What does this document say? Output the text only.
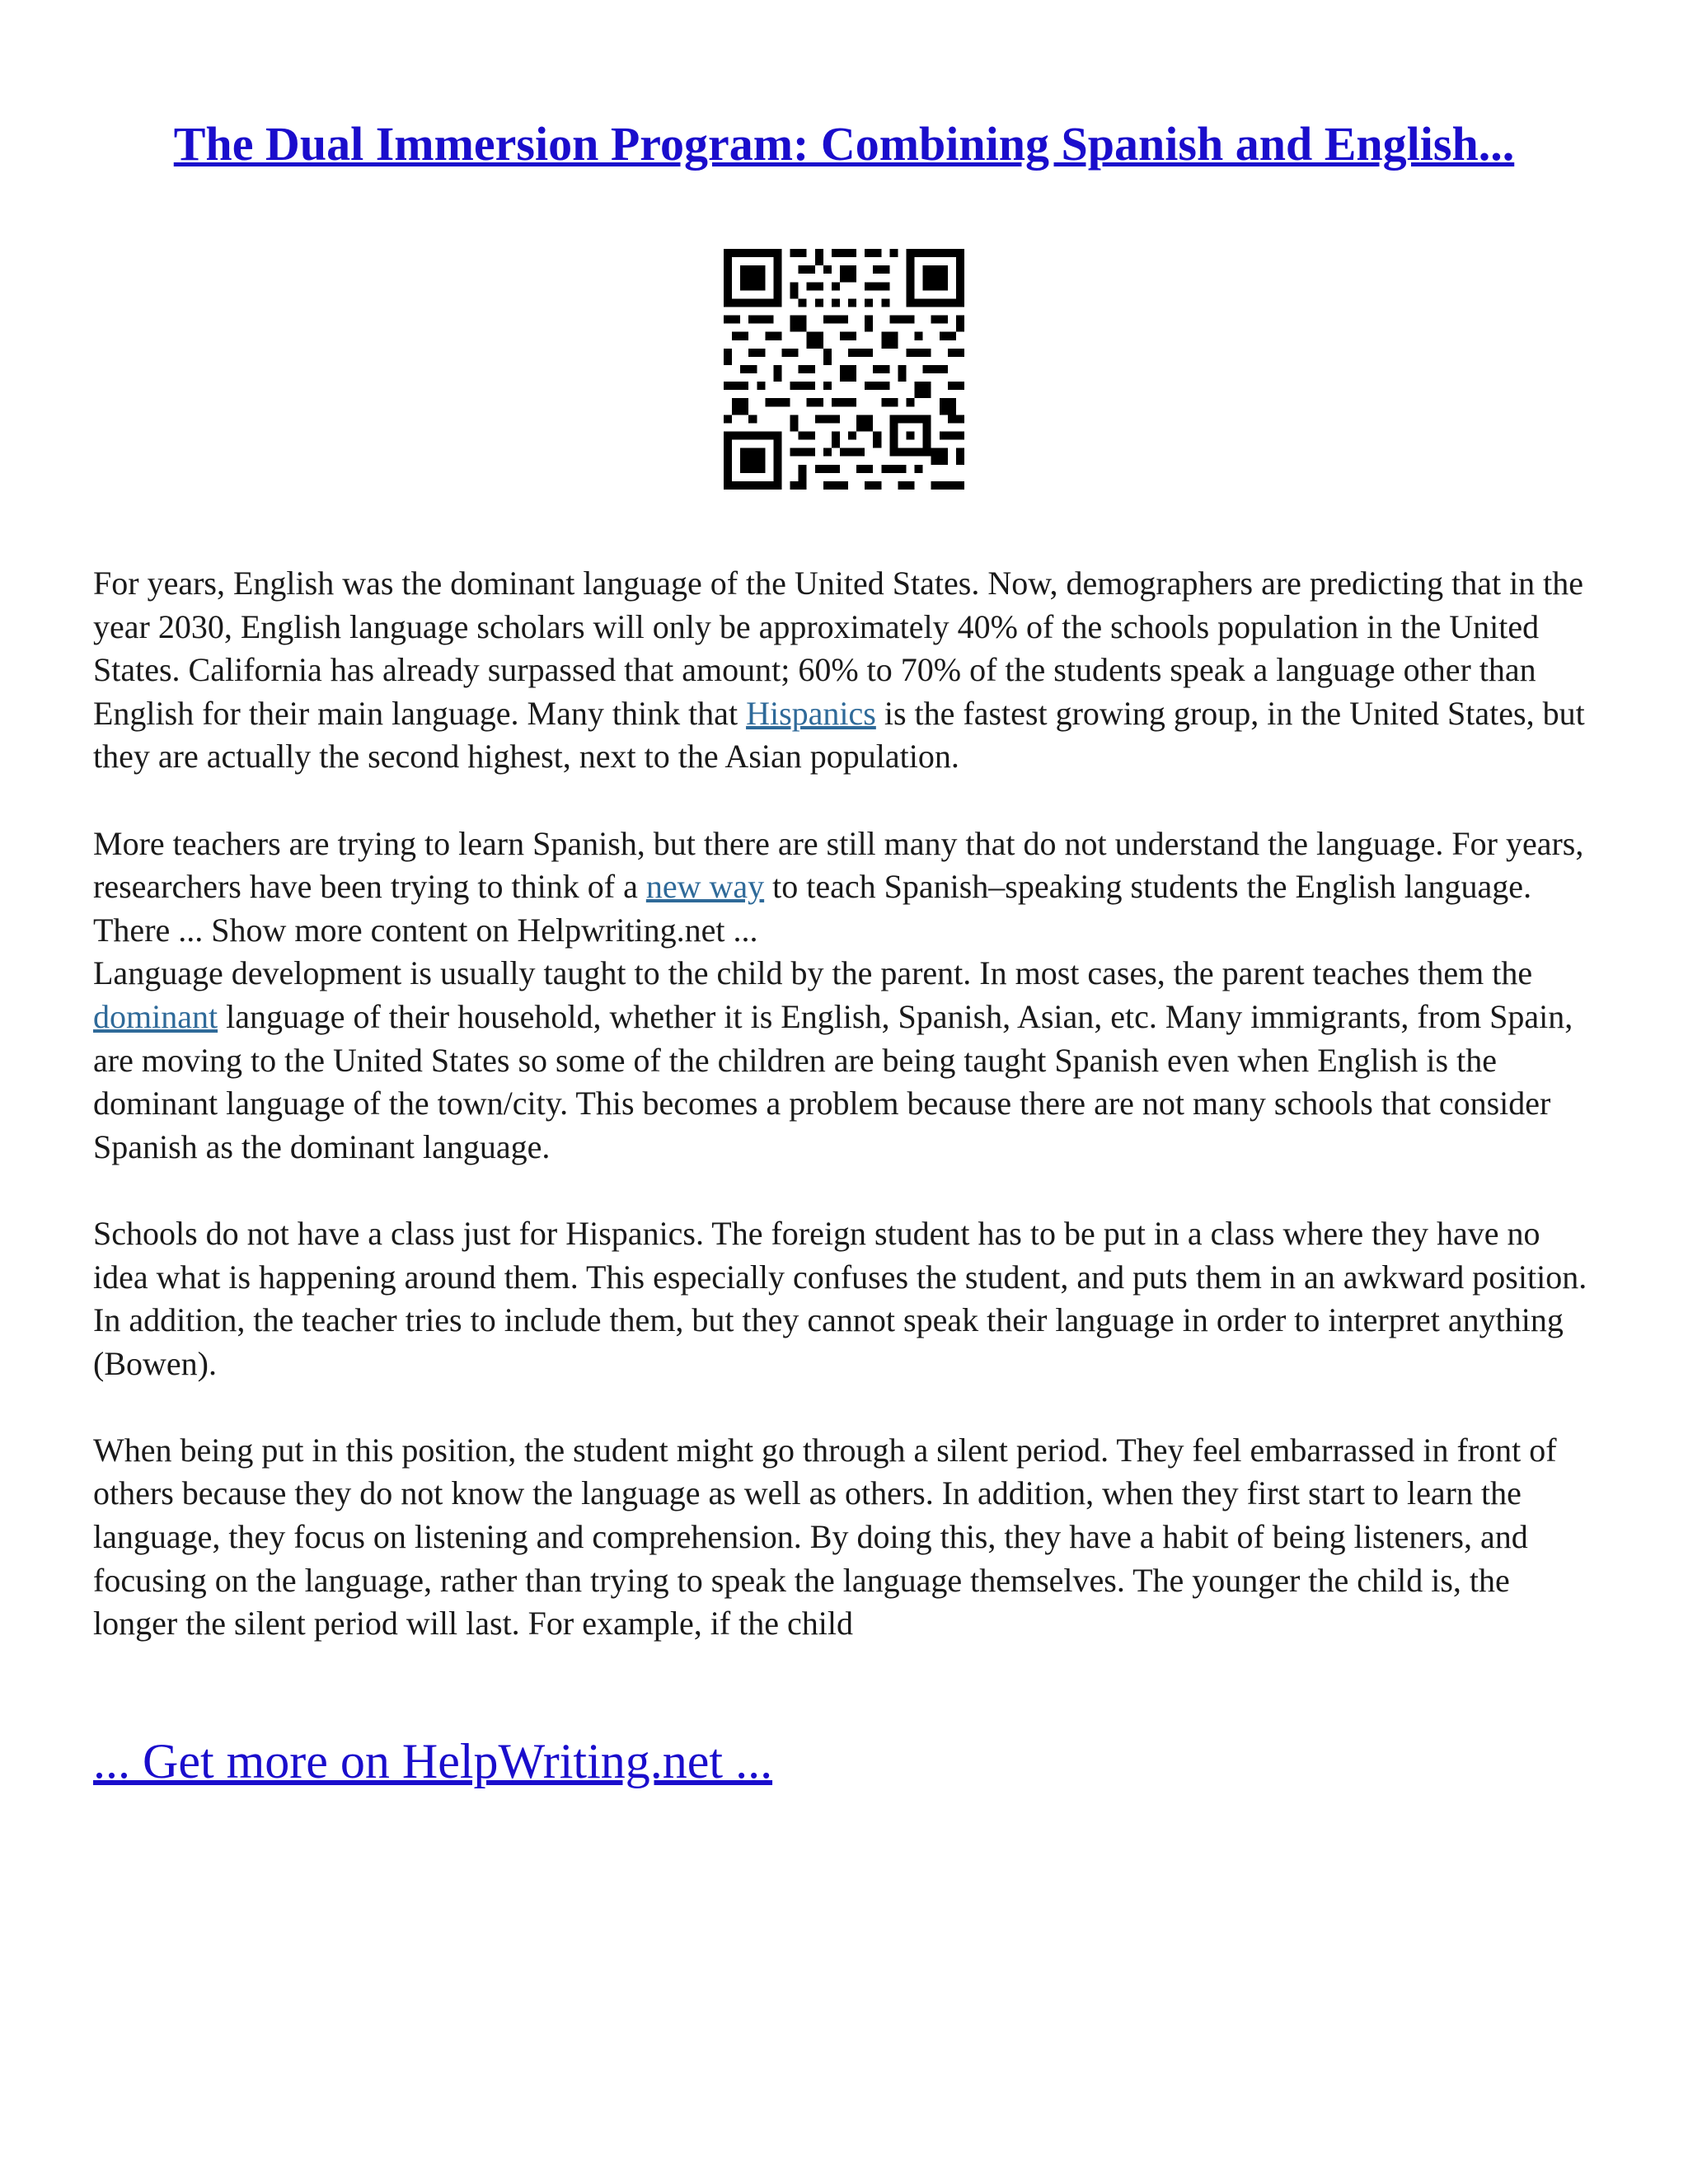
The Dual Immersion Program: Combining Spanish and English...

For years, English was the dominant language of the United States. Now, demographers are predicting that in the year 2030, English language scholars will only be approximately 40% of the schools population in the United States. California has already surpassed that amount; 60% to 70% of the students speak a language other than English for their main language. Many think that Hispanics is the fastest growing group, in the United States, but they are actually the second highest, next to the Asian population.

More teachers are trying to learn Spanish, but there are still many that do not understand the language. For years, researchers have been trying to think of a new way to teach Spanish–speaking students the English language. There ... Show more content on Helpwriting.net ...

Language development is usually taught to the child by the parent. In most cases, the parent teaches them the dominant language of their household, whether it is English, Spanish, Asian, etc. Many immigrants, from Spain, are moving to the United States so some of the children are being taught Spanish even when English is the dominant language of the town/city. This becomes a problem because there are not many schools that consider Spanish as the dominant language.

Schools do not have a class just for Hispanics. The foreign student has to be put in a class where they have no idea what is happening around them. This especially confuses the student, and puts them in an awkward position. In addition, the teacher tries to include them, but they cannot speak their language in order to interpret anything (Bowen).

When being put in this position, the student might go through a silent period. They feel embarrassed in front of others because they do not know the language as well as others. In addition, when they first start to learn the language, they focus on listening and comprehension. By doing this, they have a habit of being listeners, and focusing on the language, rather than trying to speak the language themselves. The younger the child is, the longer the silent period will last. For example, if the child

... Get more on HelpWriting.net ...
